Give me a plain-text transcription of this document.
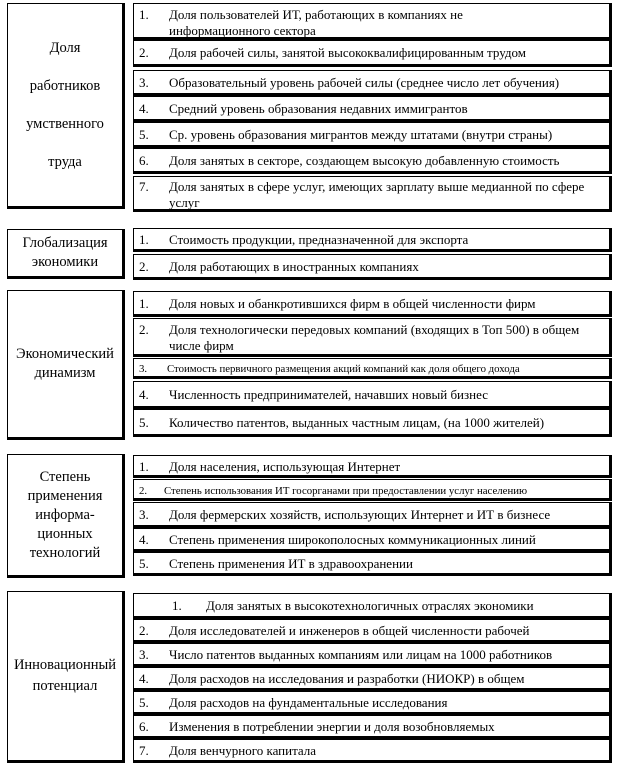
Доля
работников
умственного
труда
1. Доля пользователей ИТ, работающих в компаниях не информационного сектора
2. Доля рабочей силы, занятой высококвалифицированным трудом
3. Образовательный уровень рабочей силы (среднее число лет обучения)
4. Средний уровень образования недавних иммигрантов
5. Ср. уровень образования мигрантов между штатами (внутри страны)
6. Доля занятых в секторе, создающем высокую добавленную стоимость
7. Доля занятых в сфере услуг, имеющих зарплату выше медианной по сфере услуг
Глобализация
экономики
1. Стоимость продукции, предназначенной для экспорта
2. Доля работающих в иностранных компаниях
Экономический
динамизм
1. Доля новых и обанкротившихся фирм в общей численности фирм
2. Доля технологически передовых компаний (входящих в Топ 500) в общем числе фирм
3. Стоимость первичного размещения акций компаний как доля общего дохода
4. Численность предпринимателей, начавших новый бизнес
5. Количество патентов, выданных частным лицам, (на 1000 жителей)
Степень
применения
информа-
ционных
технологий
1. Доля населения, использующая Интернет
2. Степень использования ИТ госорганами при предоставлении услуг населению
3. Доля фермерских хозяйств, использующих Интернет и ИТ в бизнесе
4. Степень применения широкополосных коммуникационных линий
5. Степень применения ИТ в здравоохранении
Инновационный
потенциал
1. Доля занятых в высокотехнологичных отраслях экономики
2. Доля исследователей и инженеров в общей численности рабочей
3. Число патентов выданных компаниям или лицам на 1000 работников
4. Доля расходов на исследования и разработки (НИОКР) в общем
5. Доля расходов на фундаментальные исследования
6. Изменения в потреблении энергии и доля возобновляемых
7. Доля венчурного капитала
